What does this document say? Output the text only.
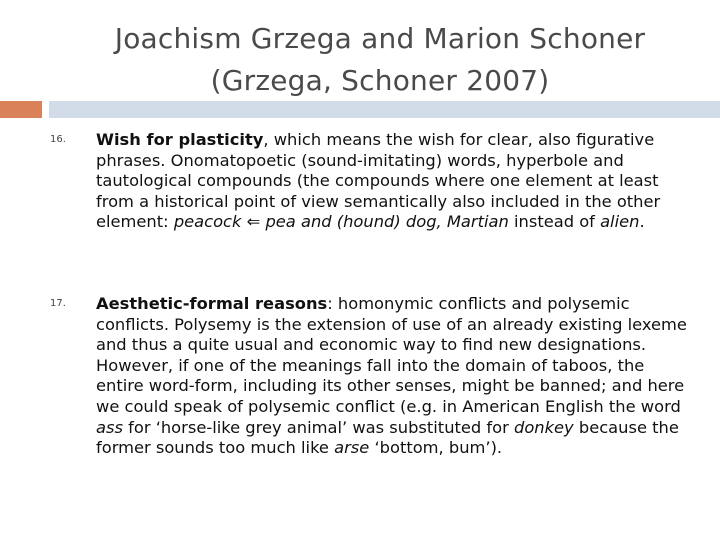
Joachism Grzega and Marion Schoner
(Grzega, Schoner 2007)
16. Wish for plasticity, which means the wish for clear, also figurative phrases. Onomatopoetic (sound-imitating) words, hyperbole and tautological compounds (the compounds where one element at least from a historical point of view semantically also included in the other element: peacock ⇐ pea and (hound) dog, Martian instead of alien.
17. Aesthetic-formal reasons: homonymic conflicts and polysemic conflicts. Polysemy is the extension of use of an already existing lexeme and thus a quite usual and economic way to find new designations. However, if one of the meanings fall into the domain of taboos, the entire word-form, including its other senses, might be banned; and here we could speak of polysemic conflict (e.g. in American English the word ass for ‘horse-like grey animal’ was substituted for donkey because the former sounds too much like arse ‘bottom, bum’).
